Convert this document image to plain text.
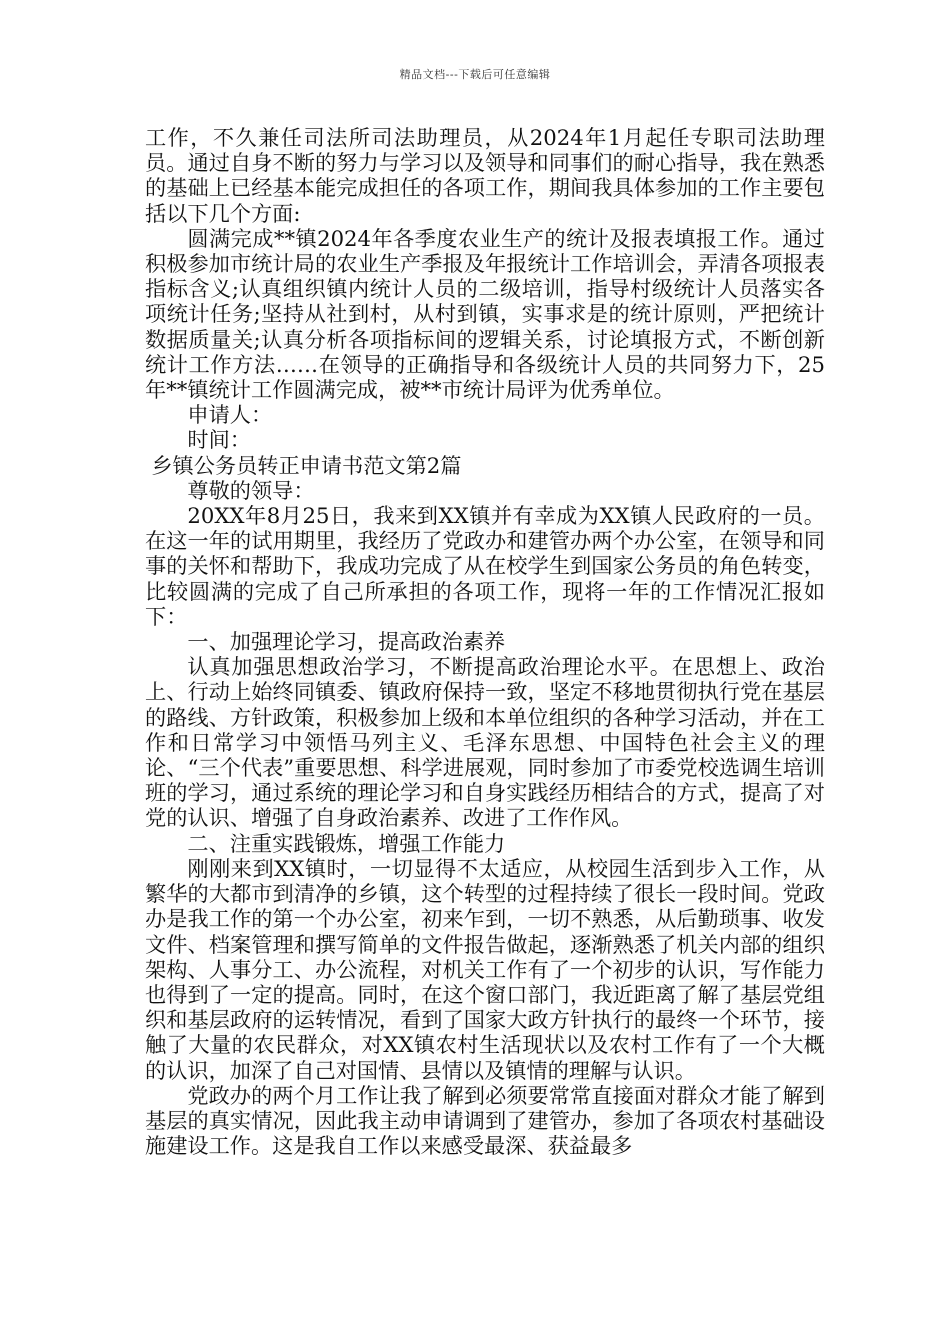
精品文档---下载后可任意编辑

工作，不久兼任司法所司法助理员，从2024年1月起任专职司法助理员。通过自身不断的努力与学习以及领导和同事们的耐心指导，我在熟悉的基础上已经基本能完成担任的各项工作，期间我具体参加的工作主要包括以下几个方面:

圆满完成**镇2024年各季度农业生产的统计及报表填报工作。通过积极参加市统计局的农业生产季报及年报统计工作培训会，弄清各项报表指标含义;认真组织镇内统计人员的二级培训，指导村级统计人员落实各项统计任务;坚持从社到村，从村到镇，实事求是的统计原则，严把统计数据质量关;认真分析各项指标间的逻辑关系，讨论填报方式，不断创新统计工作方法……在领导的正确指导和各级统计人员的共同努力下，25年**镇统计工作圆满完成，被**市统计局评为优秀单位。

申请人：

时间：

乡镇公务员转正申请书范文第2篇

尊敬的领导：

20XX年8月25日，我来到XX镇并有幸成为XX镇人民政府的一员。在这一年的试用期里，我经历了党政办和建管办两个办公室，在领导和同事的关怀和帮助下，我成功完成了从在校学生到国家公务员的角色转变，比较圆满的完成了自己所承担的各项工作，现将一年的工作情况汇报如下：

一、加强理论学习，提高政治素养

认真加强思想政治学习，不断提高政治理论水平。在思想上、政治上、行动上始终同镇委、镇政府保持一致，坚定不移地贯彻执行党在基层的路线、方针政策，积极参加上级和本单位组织的各种学习活动，并在工作和日常学习中领悟马列主义、毛泽东思想、中国特色社会主义的理论、“三个代表”重要思想、科学进展观，同时参加了市委党校选调生培训班的学习，通过系统的理论学习和自身实践经历相结合的方式，提高了对党的认识、增强了自身政治素养、改进了工作作风。

二、注重实践锻炼，增强工作能力

刚刚来到XX镇时，一切显得不太适应，从校园生活到步入工作，从繁华的大都市到清净的乡镇，这个转型的过程持续了很长一段时间。党政办是我工作的第一个办公室，初来乍到，一切不熟悉，从后勤琐事、收发文件、档案管理和撰写简单的文件报告做起，逐渐熟悉了机关内部的组织架构、人事分工、办公流程，对机关工作有了一个初步的认识，写作能力也得到了一定的提高。同时，在这个窗口部门，我近距离了解了基层党组织和基层政府的运转情况，看到了国家大政方针执行的最终一个环节，接触了大量的农民群众，对XX镇农村生活现状以及农村工作有了一个大概的认识，加深了自己对国情、县情以及镇情的理解与认识。

党政办的两个月工作让我了解到必须要常常直接面对群众才能了解到基层的真实情况，因此我主动申请调到了建管办，参加了各项农村基础设施建设工作。这是我自工作以来感受最深、获益最多
